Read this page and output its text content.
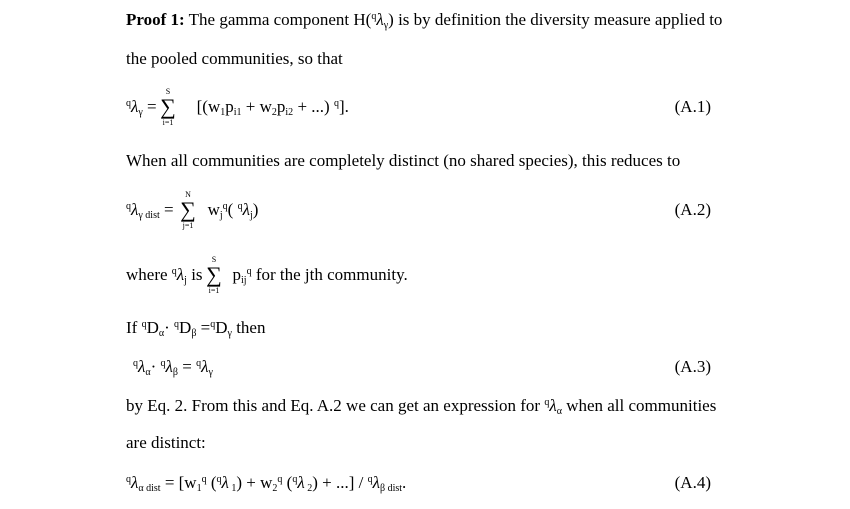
Proof 1: The gamma component $H(^q\lambda_\gamma)$ is by definition the diversity measure applied to
the pooled communities, so that
$^q\lambda_\gamma = [(w_1p_{i1} + w_2p_{i2}$ + ...) $^q$].
S
∑
i=1
(A.1)
When all communities are completely distinct (no shared species), this reduces to
$^q\lambda_{\gamma dist} = w_j^q$( $^q\lambda_j$)
N
∑
j=1
(A.2)
where $^q\lambda_j$ is $p_{ij}^q$ for the jth community.
S
∑
i=1
If $^qD_\alpha\cdot ^qD_\beta =^qD_\gamma$ then
$^q\lambda_\alpha\cdot ^q\lambda_\beta = ^q\lambda_\gamma$	(A.3)
by Eq. 2. From this and Eq. A.2 we can get an expression for $^q\lambda_\alpha$ when all communities
are distinct:
$^q\lambda_{\alpha dist} = [w_1^q$ ($^q$λ $_1) + w_2^q$ ($^q$λ $_2$) + ...] / $^q\lambda_{\beta dist}$.	(A.4)
